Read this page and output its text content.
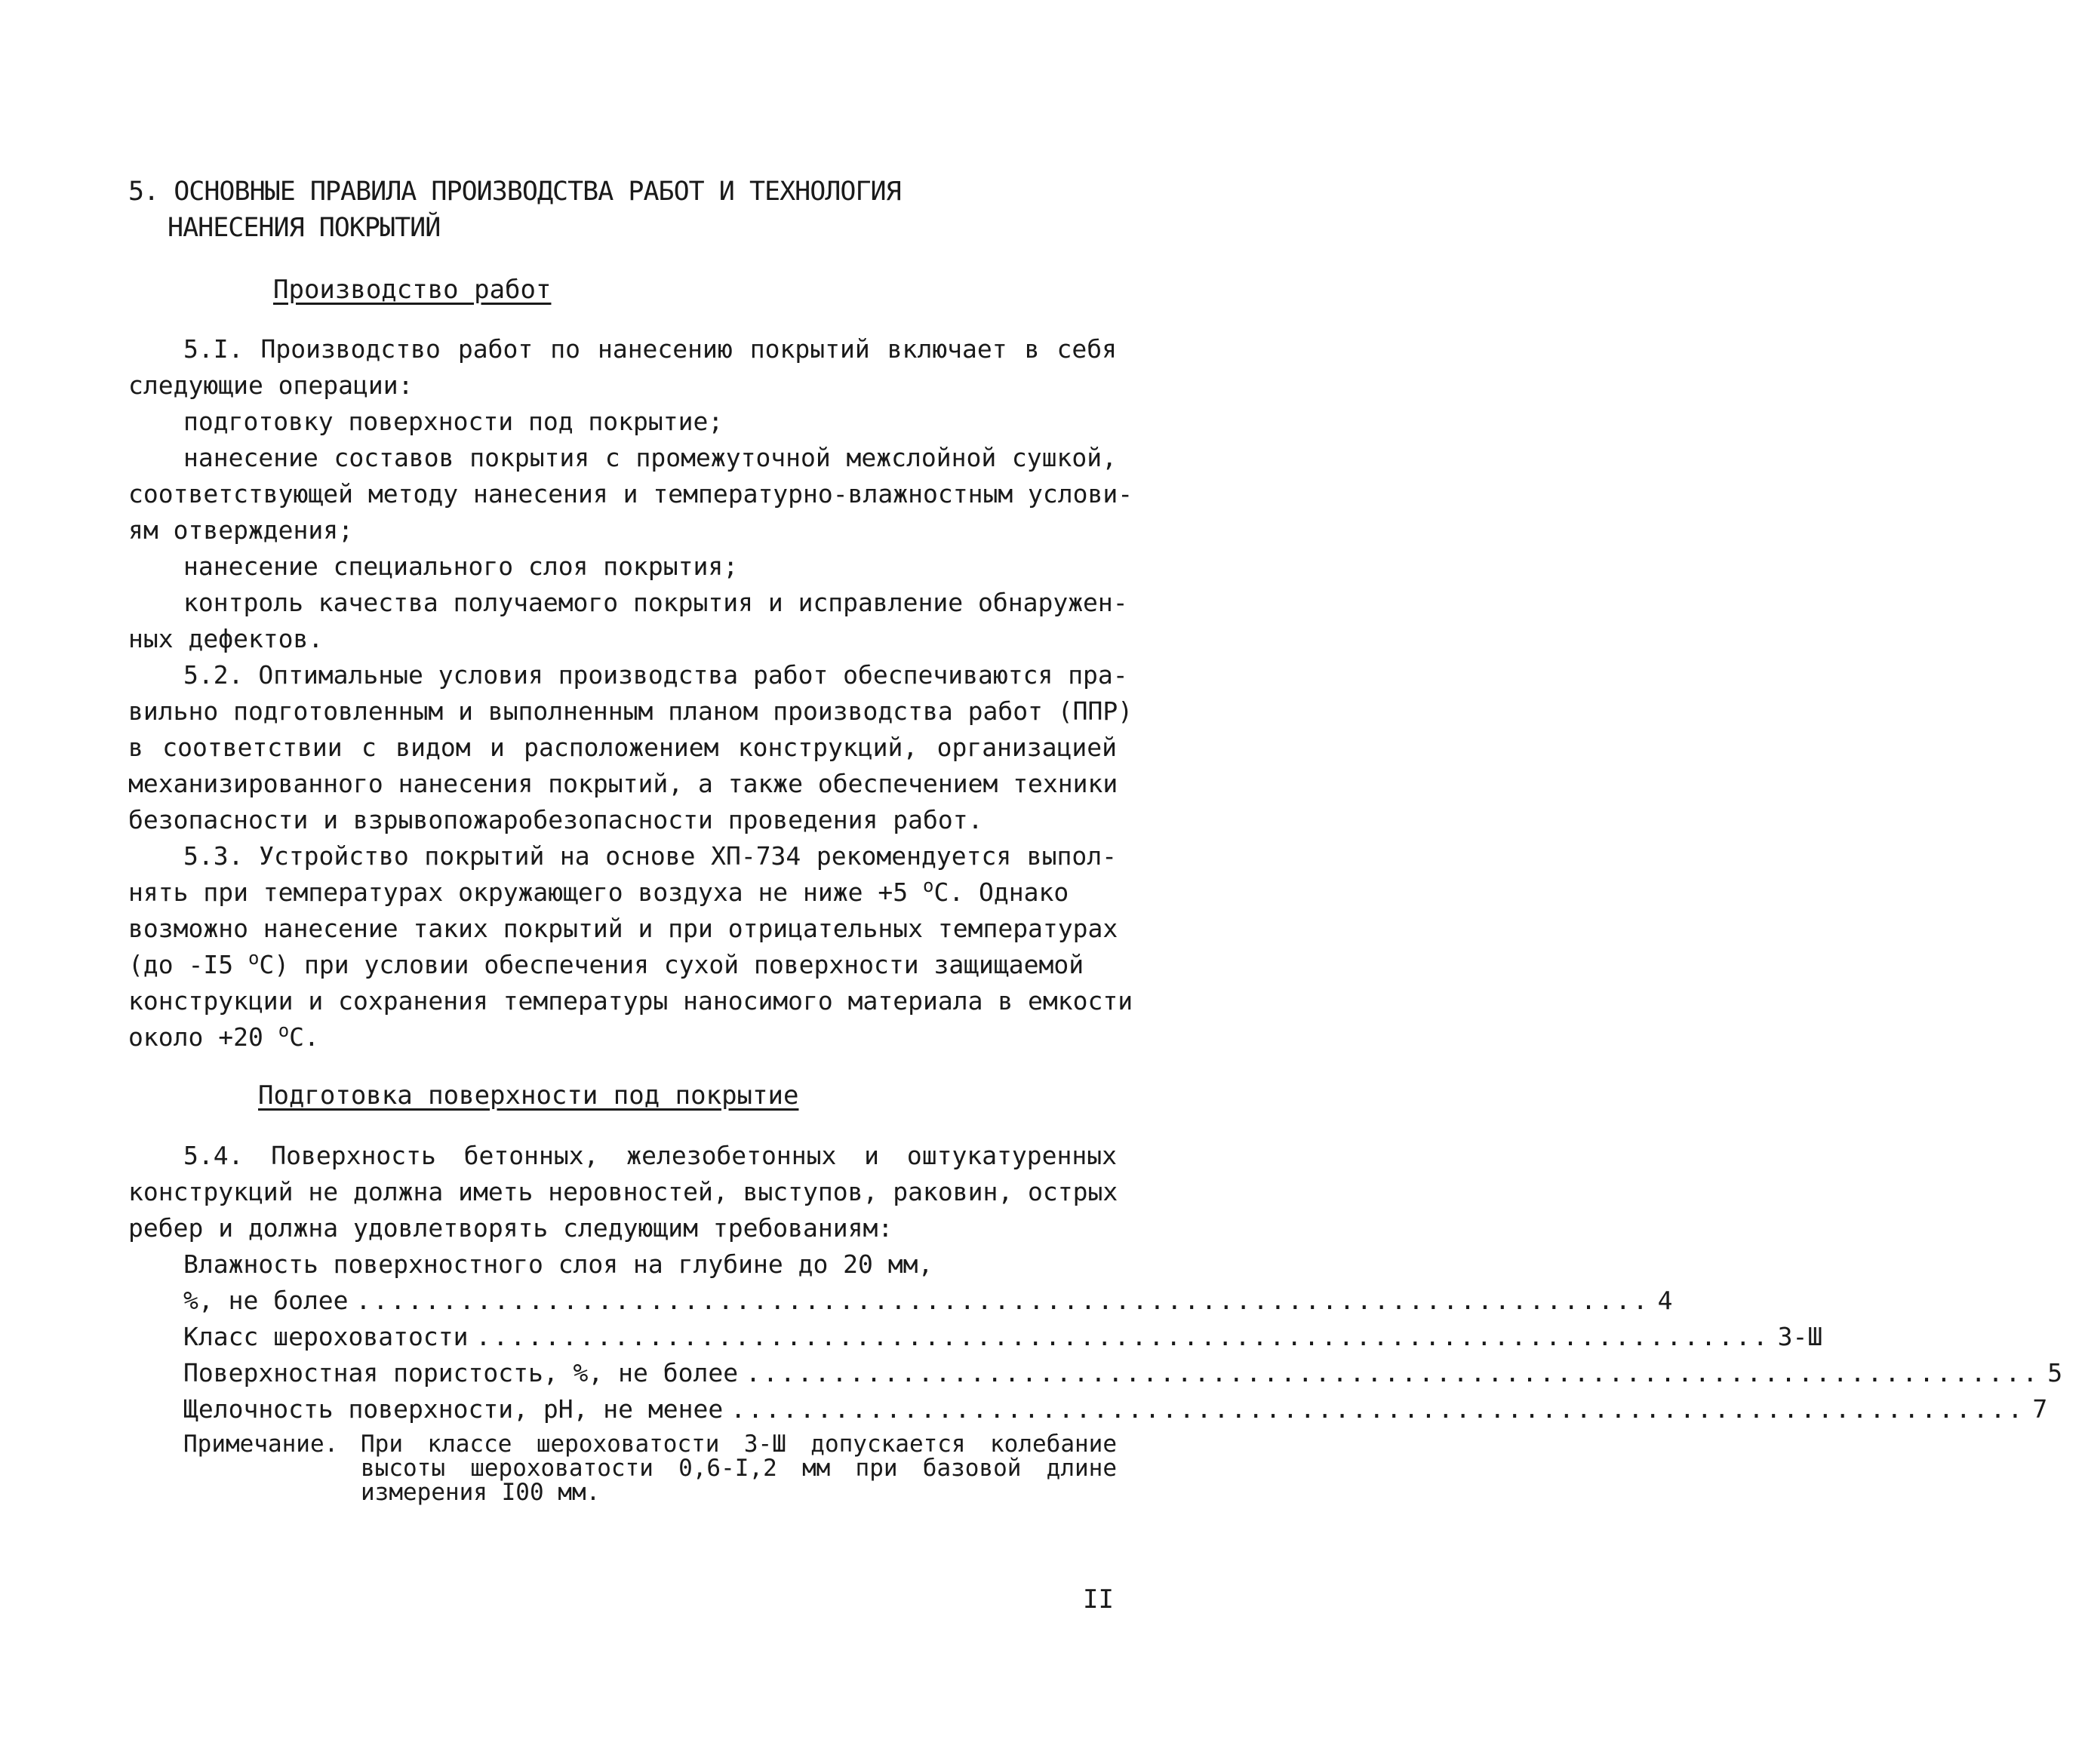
5. ОСНОВНЫЕ ПРАВИЛА ПРОИЗВОДСТВА РАБОТ И ТЕХНОЛОГИЯ
НАНЕСЕНИЯ ПОКРЫТИЙ
Производство работ
5.I. Производство работ по нанесению покрытий включает в себя
следующие операции:
подготовку поверхности под покрытие;
нанесение составов покрытия с промежуточной межслойной сушкой,
соответствующей методу нанесения и температурно-влажностным услови-
ям отверждения;
нанесение специального слоя покрытия;
контроль качества получаемого покрытия и исправление обнаружен-
ных дефектов.
5.2. Оптимальные условия производства работ обеспечиваются пра-
вильно подготовленным и выполненным планом производства работ (ППР)
в соответствии с видом и расположением конструкций, организацией
механизированного нанесения покрытий, а также обеспечением техники
безопасности и взрывопожаробезопасности проведения работ.
5.3. Устройство покрытий на основе ХП-734 рекомендуется выпол-
нять при температурах окружающего воздуха не ниже +5 $^о$С. Однако
возможно нанесение таких покрытий и при отрицательных температурах
(до -I5 $^о$С) при условии обеспечения сухой поверхности защищаемой
конструкции и сохранения температуры наносимого материала в емкости
около +20 $^о$С.
Подготовка поверхности под покрытие
5.4. Поверхность бетонных, железобетонных и оштукатуренных
конструкций не должна иметь неровностей, выступов, раковин, острых
ребер и должна удовлетворять следующим требованиям:
Влажность поверхностного слоя на глубине до 20 мм,
%, не более ........................................................................... 4
Класс шероховатости ........................................................................... 3-Ш
Поверхностная пористость, %, не более ........................................................................... 5
Щелочность поверхности, pH, не менее ........................................................................... 7
Примечание. При классе шероховатости 3-Ш допускается колебание
высоты шероховатости 0,6-I,2 мм при базовой длине
измерения I00 мм.
II
